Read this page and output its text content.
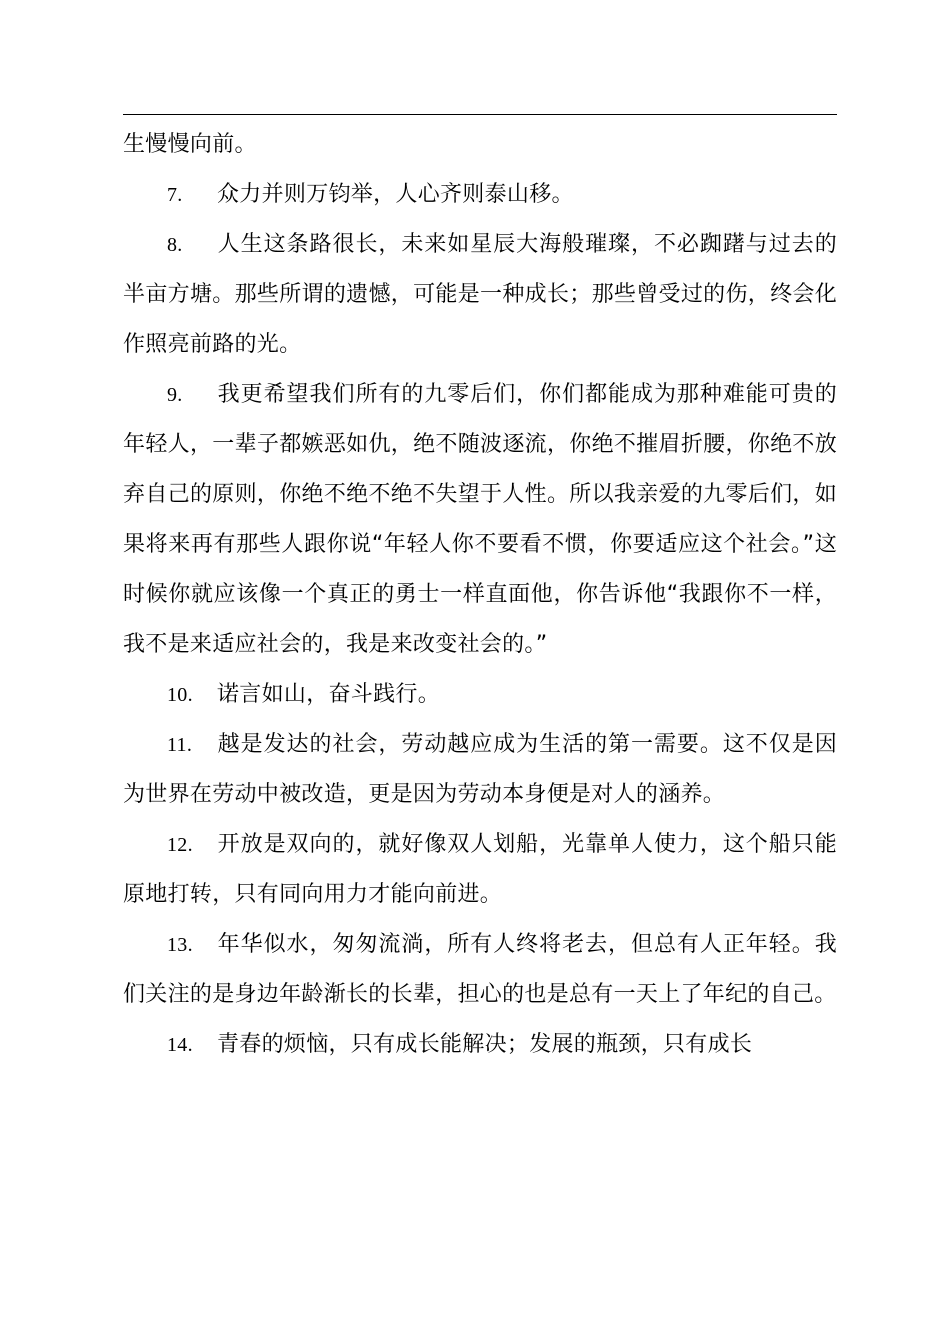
生慢慢向前。

7. 众力并则万钧举，人心齐则泰山移。

8. 人生这条路很长，未来如星辰大海般璀璨，不必踟躇与过去的半亩方塘。那些所谓的遗憾，可能是一种成长；那些曾受过的伤，终会化作照亮前路的光。

9. 我更希望我们所有的九零后们，你们都能成为那种难能可贵的年轻人，一辈子都嫉恶如仇，绝不随波逐流，你绝不摧眉折腰，你绝不放弃自己的原则，你绝不绝不绝不失望于人性。所以我亲爱的九零后们，如果将来再有那些人跟你说“年轻人你不要看不惯，你要适应这个社会。”这时候你就应该像一个真正的勇士一样直面他，你告诉他“我跟你不一样，我不是来适应社会的，我是来改变社会的。”

10. 诺言如山，奋斗践行。

11. 越是发达的社会，劳动越应成为生活的第一需要。这不仅是因为世界在劳动中被改造，更是因为劳动本身便是对人的涵养。

12. 开放是双向的，就好像双人划船，光靠单人使力，这个船只能原地打转，只有同向用力才能向前进。

13. 年华似水，匆匆流淌，所有人终将老去，但总有人正年轻。我们关注的是身边年龄渐长的长辈，担心的也是总有一天上了年纪的自己。

14. 青春的烦恼，只有成长能解决；发展的瓶颈，只有成长
